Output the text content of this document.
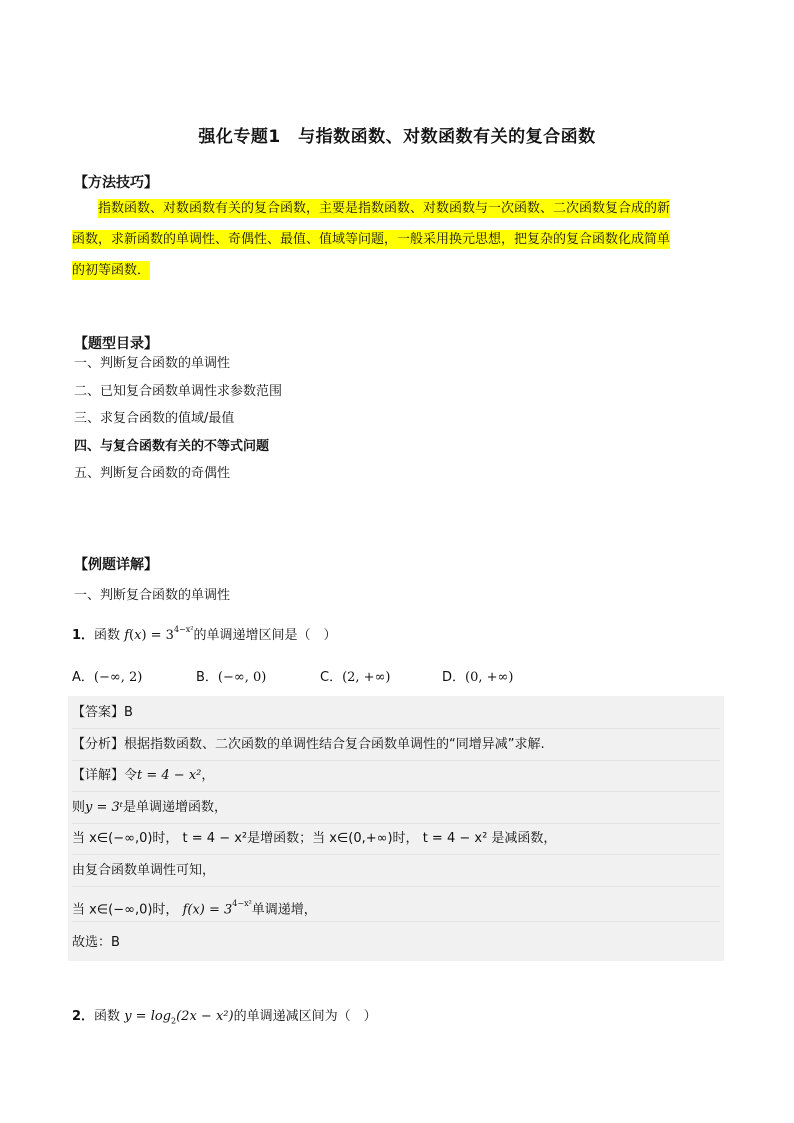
强化专题1　与指数函数、对数函数有关的复合函数
【方法技巧】
指数函数、对数函数有关的复合函数，主要是指数函数、对数函数与一次函数、二次函数复合成的新
函数，求新函数的单调性、奇偶性、最值、值域等问题，一般采用换元思想，把复杂的复合函数化成简单
的初等函数．
【题型目录】
一、判断复合函数的单调性
二、已知复合函数单调性求参数范围
三、求复合函数的值域/最值
四、与复合函数有关的不等式问题
五、判断复合函数的奇偶性
【例题详解】
一、判断复合函数的单调性
1．函数 $f(x) = 3^{4-x^2}$的单调递增区间是（　）
A．(−∞, 2)	B．(−∞, 0)	C．(2, +∞)	D．(0, +∞)
【答案】B
【分析】根据指数函数、二次函数的单调性结合复合函数单调性的“同增异减”求解.
【详解】令t = 4 − x²，
则y = 3ᵗ是单调递增函数，
当 x∈(−∞,0)时， t = 4 − x²是增函数；当 x∈(0,+∞)时， t = 4 − x² 是减函数，
由复合函数单调性可知，
当 x∈(−∞,0)时， $f(x) = 3^{4-x^2}$单调递增，
故选：B
2．函数 $y = \log_2(2x - x^2)$的单调递减区间为（　）
